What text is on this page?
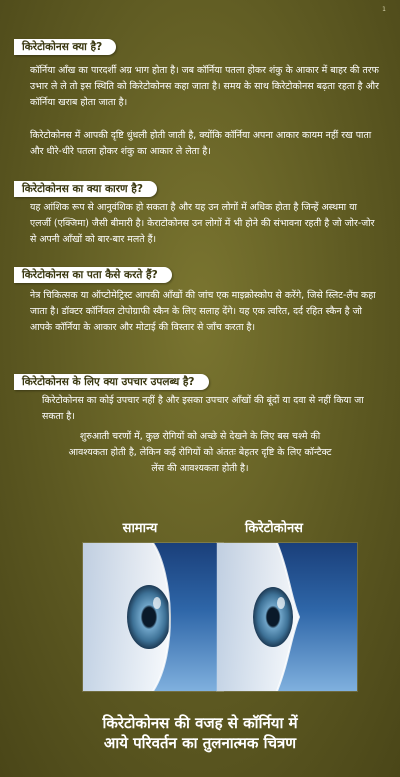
1
किरेटोकोनस क्या है?

कॉर्निया आँख का पारदर्शी अग्र भाग होता है। जब कॉर्निया पतला होकर शंकु के आकार में बाहर की तरफ उभार ले ले तो इस स्थिति को किरेटोकोनस कहा जाता है। समय के साथ किरेटोकोनस बढ़ता रहता है और कॉर्निया खराब होता जाता है।

किरेटोकोनस में आपकी दृष्टि धुंधली होती जाती है, क्योंकि कॉर्निया अपना आकार कायम नहीं रख पाता और धीरे-धीरे पतला होकर शंकु का आकार ले लेता है।

किरेटोकोनस का क्या कारण है?

यह आंशिक रूप से आनुवंशिक हो सकता है और यह उन लोगों में अधिक होता है जिन्हें अस्थमा या एलर्जी (एक्जिमा) जैसी बीमारी है। केराटोकोनस उन लोगों में भी होने की संभावना रहती है जो जोर-जोर से अपनी आँखों को बार-बार मलते हैं।

किरेटोकोनस का पता कैसे करते हैं?

नेत्र चिकित्सक या ऑप्टोमेट्रिस्ट आपकी आँखों की जांच एक माइक्रोस्कोप से करेंगे, जिसे स्लिट-लैंप कहा जाता है। डॉक्टर कॉर्नियल टोपोग्राफी स्कैन के लिए सलाह देंगे। यह एक त्वरित, दर्द रहित स्कैन है जो आपके कॉर्निया के आकार और मोटाई की विस्तार से जाँच करता है।

किरेटोकोनस के लिए क्या उपचार उपलब्ध है?

किरेटोकोनस का कोई उपचार नहीं है और इसका उपचार आँखों की बूंदों या दवा से नहीं किया जा सकता है।

शुरुआती चरणों में, कुछ रोगियों को अच्छे से देखने के लिए बस चश्मे की आवश्यकता होती है, लेकिन कई रोगियों को अंततः बेहतर दृष्टि के लिए कॉन्टैक्ट लेंस की आवश्यकता होती है।

सामान्य	किरेटोकोनस
किरेटोकोनस की वजह से कॉर्निया में
आये परिवर्तन का तुलनात्मक चित्रण
